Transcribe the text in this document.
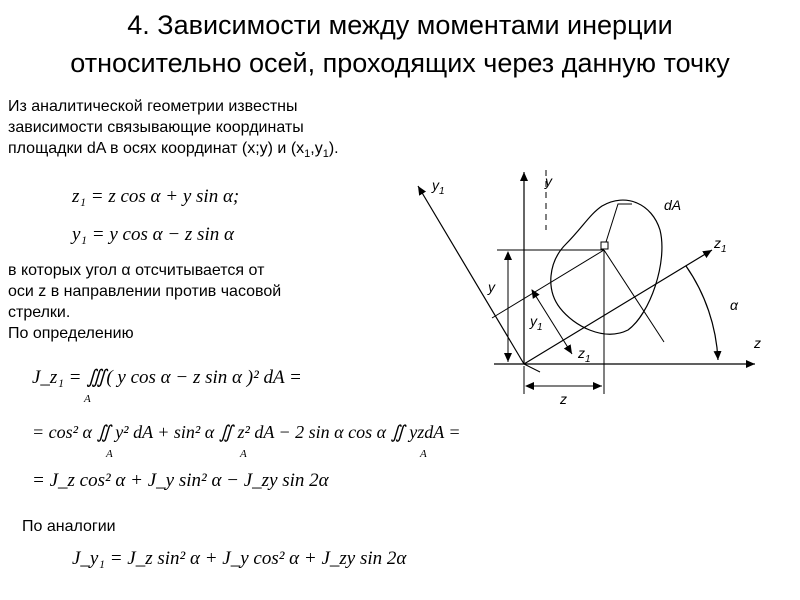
4. Зависимости между моментами инерции
относительно осей, проходящих через данную точку
Из аналитической геометрии известны
зависимости связывающие координаты
площадки dA в осях координат (x;y) и $(x_1,y_1)$.
z₁ = z cos α + y sin α;
y₁ = y cos α − z sin α
в которых угол α отсчитывается от
оси z в направлении против часовой
стрелки.
По определению
J_z₁ = ∭( y cos α − z sin α )² dA =
= cos² α ∬ y² dA + sin² α ∬ z² dA − 2 sin α cos α ∬ yzdA =
= J_z cos² α + J_y sin² α − J_zy sin 2α
A
A	A	A
По аналогии
J_y₁ = J_z sin² α + J_y cos² α + J_zy sin 2α
$y_1$
y
dA
$z_1$
y
$y_1$
$z_1$
α
z
z
